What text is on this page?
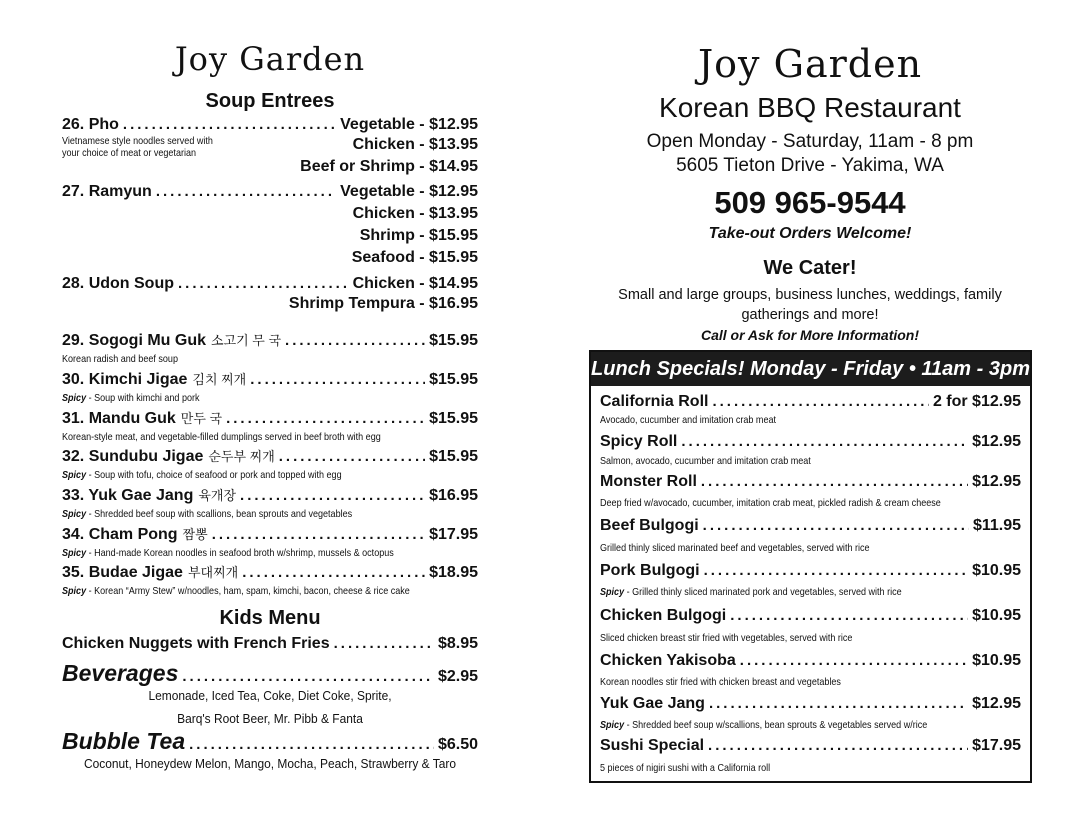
Joy Garden
Soup Entrees
26. Pho .....	Vegetable - $12.95
Vietnamese style noodles served with
your choice of meat or vegetarian	Chicken - $13.95
Beef or Shrimp - $14.95
27. Ramyun .....	Vegetable - $12.95
Chicken - $13.95
Shrimp - $15.95
Seafood - $15.95
28. Udon Soup .....	Chicken - $14.95
Shrimp Tempura - $16.95
29. Sogogi Mu Guk 소고기 무 국 .....	$15.95
Korean radish and beef soup
30. Kimchi Jigae 김치 찌개 .....	$15.95
Spicy - Soup with kimchi and pork
31. Mandu Guk 만두 국 .....	$15.95
Korean-style meat, and vegetable-filled dumplings served in beef broth with egg
32. Sundubu Jigae 순두부 찌개 .....	$15.95
Spicy - Soup with tofu, choice of seafood or pork and topped with egg
33. Yuk Gae Jang 육개장 .....	$16.95
Spicy - Shredded beef soup with scallions, bean sprouts and vegetables
34. Cham Pong 짬뽕 .....	$17.95
Spicy - Hand-made Korean noodles in seafood broth w/shrimp, mussels & octopus
35. Budae Jigae 부대찌개 .....	$18.95
Spicy - Korean “Army Stew” w/noodles, ham, spam, kimchi, bacon, cheese & rice cake
Kids Menu
Chicken Nuggets with French Fries .....	$8.95
Beverages .....	$2.95
Lemonade, Iced Tea, Coke, Diet Coke, Sprite,
Barq's Root Beer, Mr. Pibb & Fanta
Bubble Tea .....	$6.50
Coconut, Honeydew Melon, Mango, Mocha, Peach, Strawberry & Taro
Joy Garden
Korean BBQ Restaurant
Open Monday - Saturday, 11am - 8 pm
5605 Tieton Drive - Yakima, WA
509 965-9544
Take-out Orders Welcome!
We Cater!
Small and large groups, business lunches, weddings, family gatherings and more!
Call or Ask for More Information!
Lunch Specials! Monday - Friday • 11am - 3pm
California Roll .....	2 for $12.95
Avocado, cucumber and imitation crab meat
Spicy Roll .....	$12.95
Salmon, avocado, cucumber and imitation crab meat
Monster Roll .....	$12.95
Deep fried w/avocado, cucumber, imitation crab meat, pickled radish & cream cheese
Beef Bulgogi .....	$11.95
Grilled thinly sliced marinated beef and vegetables, served with rice
Pork Bulgogi .....	$10.95
Spicy - Grilled thinly sliced marinated pork and vegetables, served with rice
Chicken Bulgogi .....	$10.95
Sliced chicken breast stir fried with vegetables, served with rice
Chicken Yakisoba .....	$10.95
Korean noodles stir fried with chicken breast and vegetables
Yuk Gae Jang .....	$12.95
Spicy - Shredded beef soup w/scallions, bean sprouts & vegetables served w/rice
Sushi Special .....	$17.95
5 pieces of nigiri sushi with a California roll
